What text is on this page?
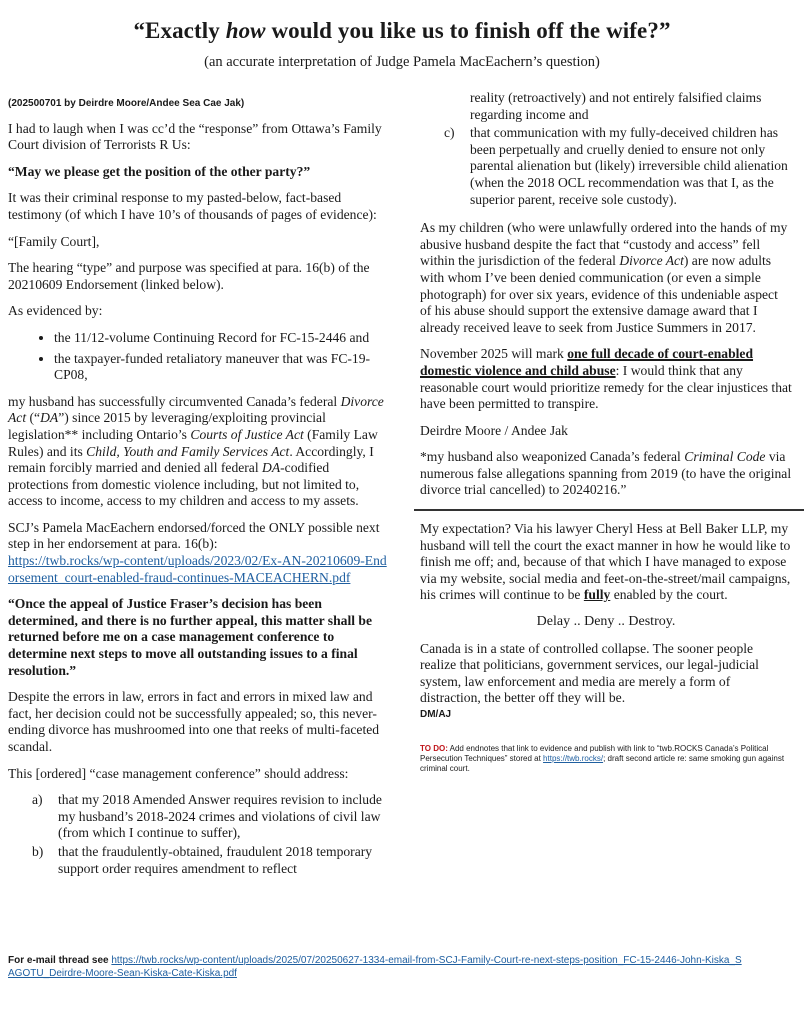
“Exactly how would you like us to finish off the wife?”
(an accurate interpretation of Judge Pamela MacEachern’s question)

(202500701 by Deirdre Moore/Andee Sea Cae Jak)

I had to laugh when I was cc’d the “response” from Ottawa’s Family Court division of Terrorists R Us:

“May we please get the position of the other party?”

It was their criminal response to my pasted-below, fact-based testimony (of which I have 10’s of thousands of pages of evidence):

“[Family Court],

The hearing “type” and purpose was specified at para. 16(b) of the 20210609 Endorsement (linked below).

As evidenced by:

• the 11/12-volume Continuing Record for FC-15-2446 and
• the taxpayer-funded retaliatory maneuver that was FC-19-CP08,

my husband has successfully circumvented Canada’s federal Divorce Act (“DA”) since 2015 by leveraging/exploiting provincial legislation** including Ontario’s Courts of Justice Act (Family Law Rules) and its Child, Youth and Family Services Act. Accordingly, I remain forcibly married and denied all federal DA-codified protections from domestic violence including, but not limited to, access to income, access to my children and access to my assets.

SCJ’s Pamela MacEachern endorsed/forced the ONLY possible next step in her endorsement at para. 16(b):
https://twb.rocks/wp-content/uploads/2023/02/Ex-AN-20210609-Endorsement_court-enabled-fraud-continues-MACEACHERN.pdf

“Once the appeal of Justice Fraser’s decision has been determined, and there is no further appeal, this matter shall be returned before me on a case management conference to determine next steps to move all outstanding issues to a final resolution.”

Despite the errors in law, errors in fact and errors in mixed law and fact, her decision could not be successfully appealed; so, this never-ending divorce has mushroomed into one that reeks of multi-faceted scandal.

This [ordered] “case management conference” should address:

a) that my 2018 Amended Answer requires revision to include my husband’s 2018-2024 crimes and violations of civil law (from which I continue to suffer),
b) that the fraudulently-obtained, fraudulent 2018 temporary support order requires amendment to reflect
reality (retroactively) and not entirely falsified claims regarding income and
c) that communication with my fully-deceived children has been perpetually and cruelly denied to ensure not only parental alienation but (likely) irreversible child alienation (when the 2018 OCL recommendation was that I, as the superior parent, receive sole custody).

As my children (who were unlawfully ordered into the hands of my abusive husband despite the fact that “custody and access” fell within the jurisdiction of the federal Divorce Act) are now adults with whom I’ve been denied communication (or even a simple photograph) for over six years, evidence of this undeniable aspect of his abuse should support the extensive damage award that I already received leave to seek from Justice Summers in 2017.

November 2025 will mark one full decade of court-enabled domestic violence and child abuse: I would think that any reasonable court would prioritize remedy for the clear injustices that have been permitted to transpire.

Deirdre Moore / Andee Jak

*my husband also weaponized Canada’s federal Criminal Code via numerous false allegations spanning from 2019 (to have the original divorce trial cancelled) to 20240216.”

My expectation? Via his lawyer Cheryl Hess at Bell Baker LLP, my husband will tell the court the exact manner in how he would like to finish me off; and, because of that which I have managed to expose via my website, social media and feet-on-the-street/mail campaigns, his crimes will continue to be fully enabled by the court.

Delay .. Deny .. Destroy.

Canada is in a state of controlled collapse. The sooner people realize that politicians, government services, our legal-judicial system, law enforcement and media are merely a form of distraction, the better off they will be.

DM/AJ
TO DO: Add endnotes that link to evidence and publish with link to “twb.ROCKS Canada’s Political Persecution Techniques” stored at https://twb.rocks/; draft second article re: same smoking gun against criminal court.
For e-mail thread see https://twb.rocks/wp-content/uploads/2025/07/20250627-1334-email-from-SCJ-Family-Court-re-next-steps-position_FC-15-2446-John-Kiska_SAGOTU_Deirdre-Moore-Sean-Kiska-Cate-Kiska.pdf
